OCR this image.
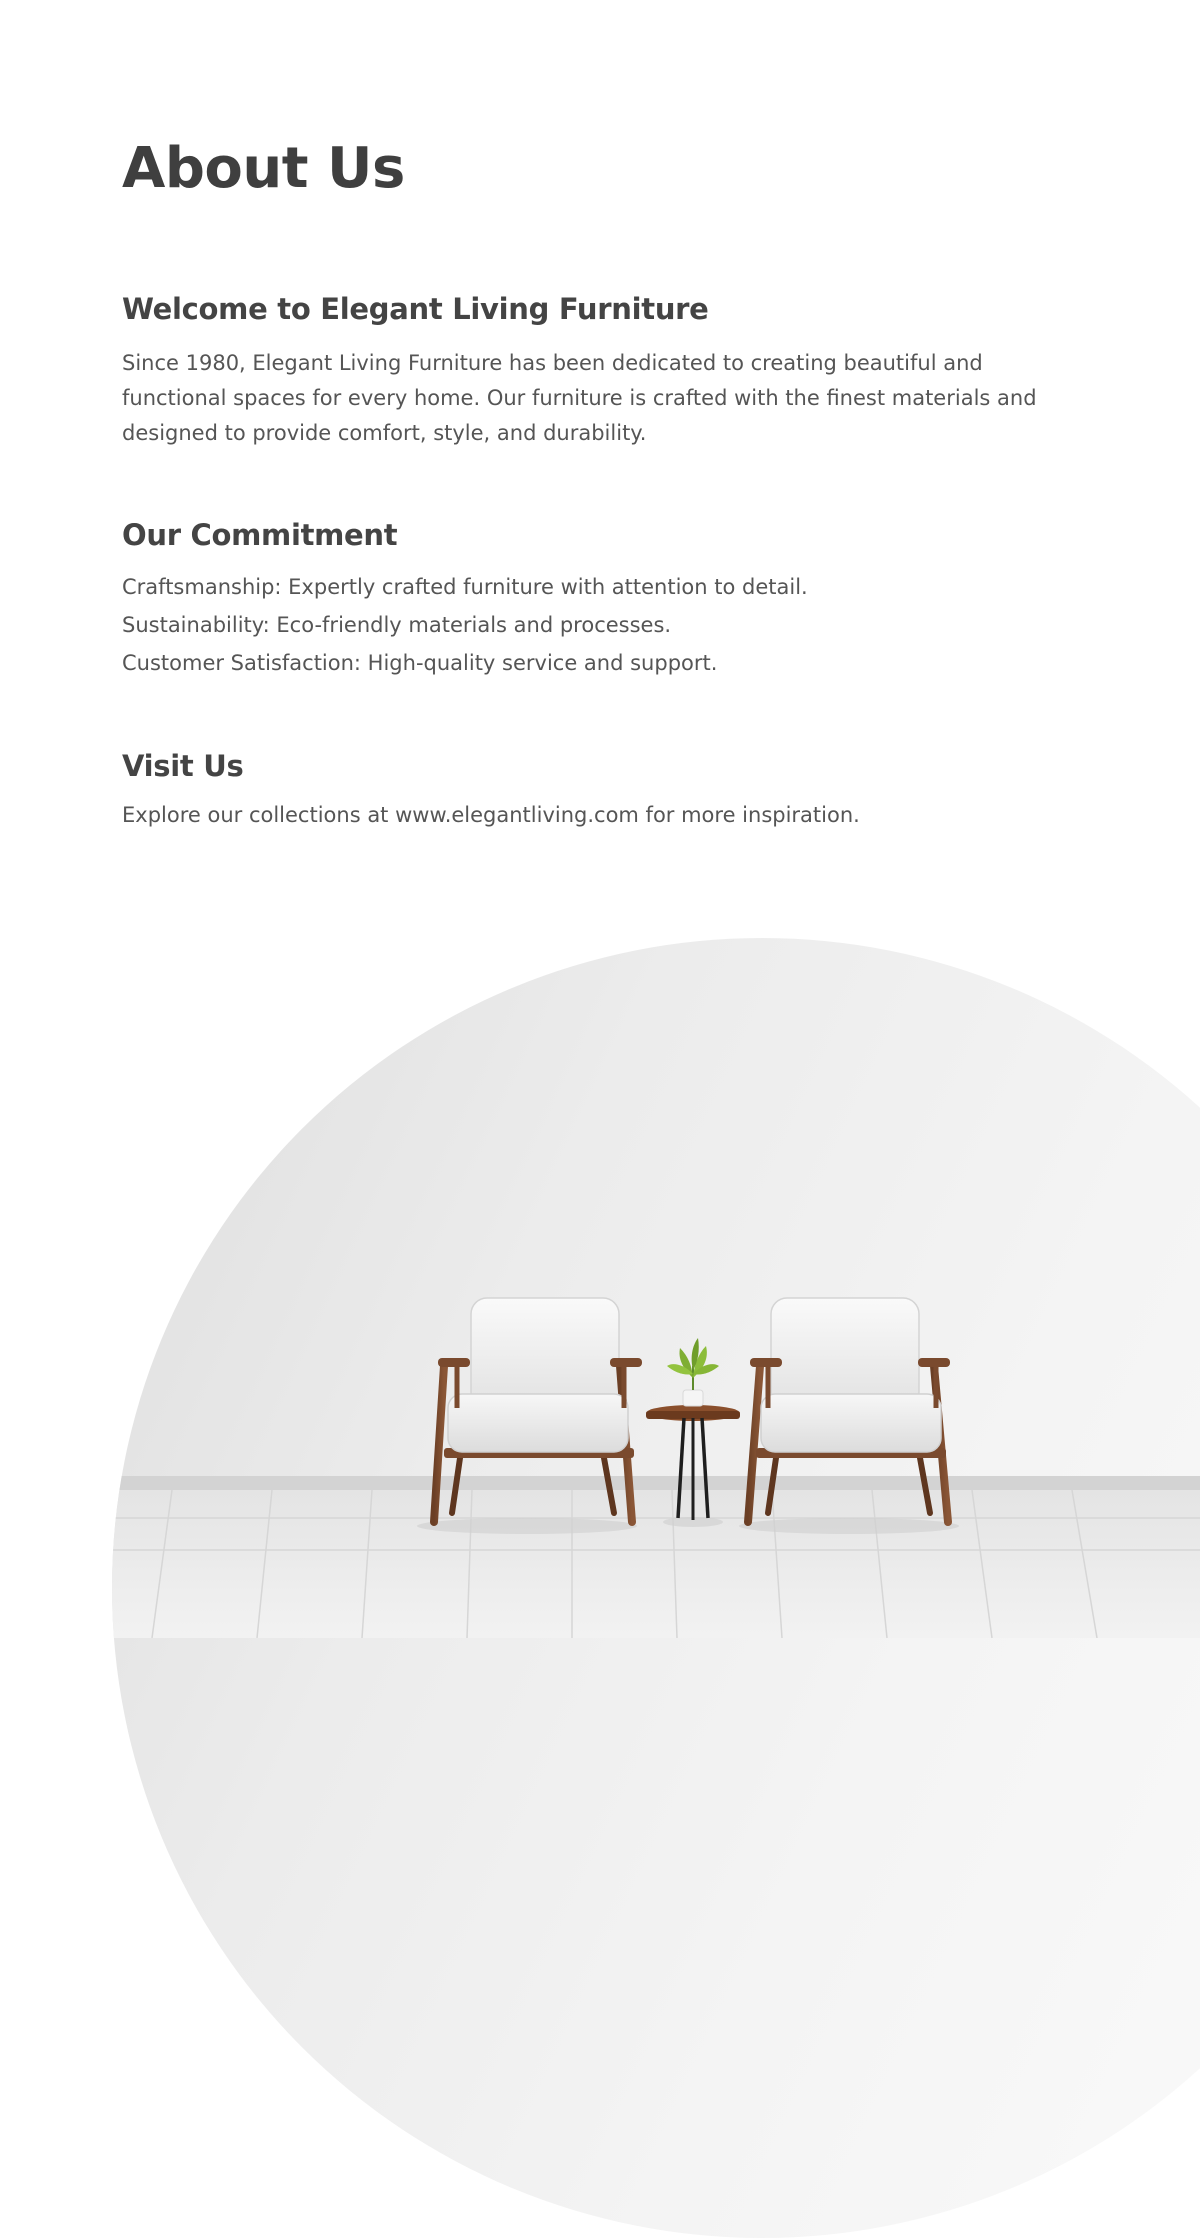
About Us
Welcome to Elegant Living Furniture

Since 1980, Elegant Living Furniture has been dedicated to creating beautiful and functional spaces for every home. Our furniture is crafted with the finest materials and designed to provide comfort, style, and durability.

Our Commitment
Craftsmanship: Expertly crafted furniture with attention to detail.
Sustainability: Eco-friendly materials and processes.
Customer Satisfaction: High-quality service and support.
Visit Us

Explore our collections at www.elegantliving.com for more inspiration.
